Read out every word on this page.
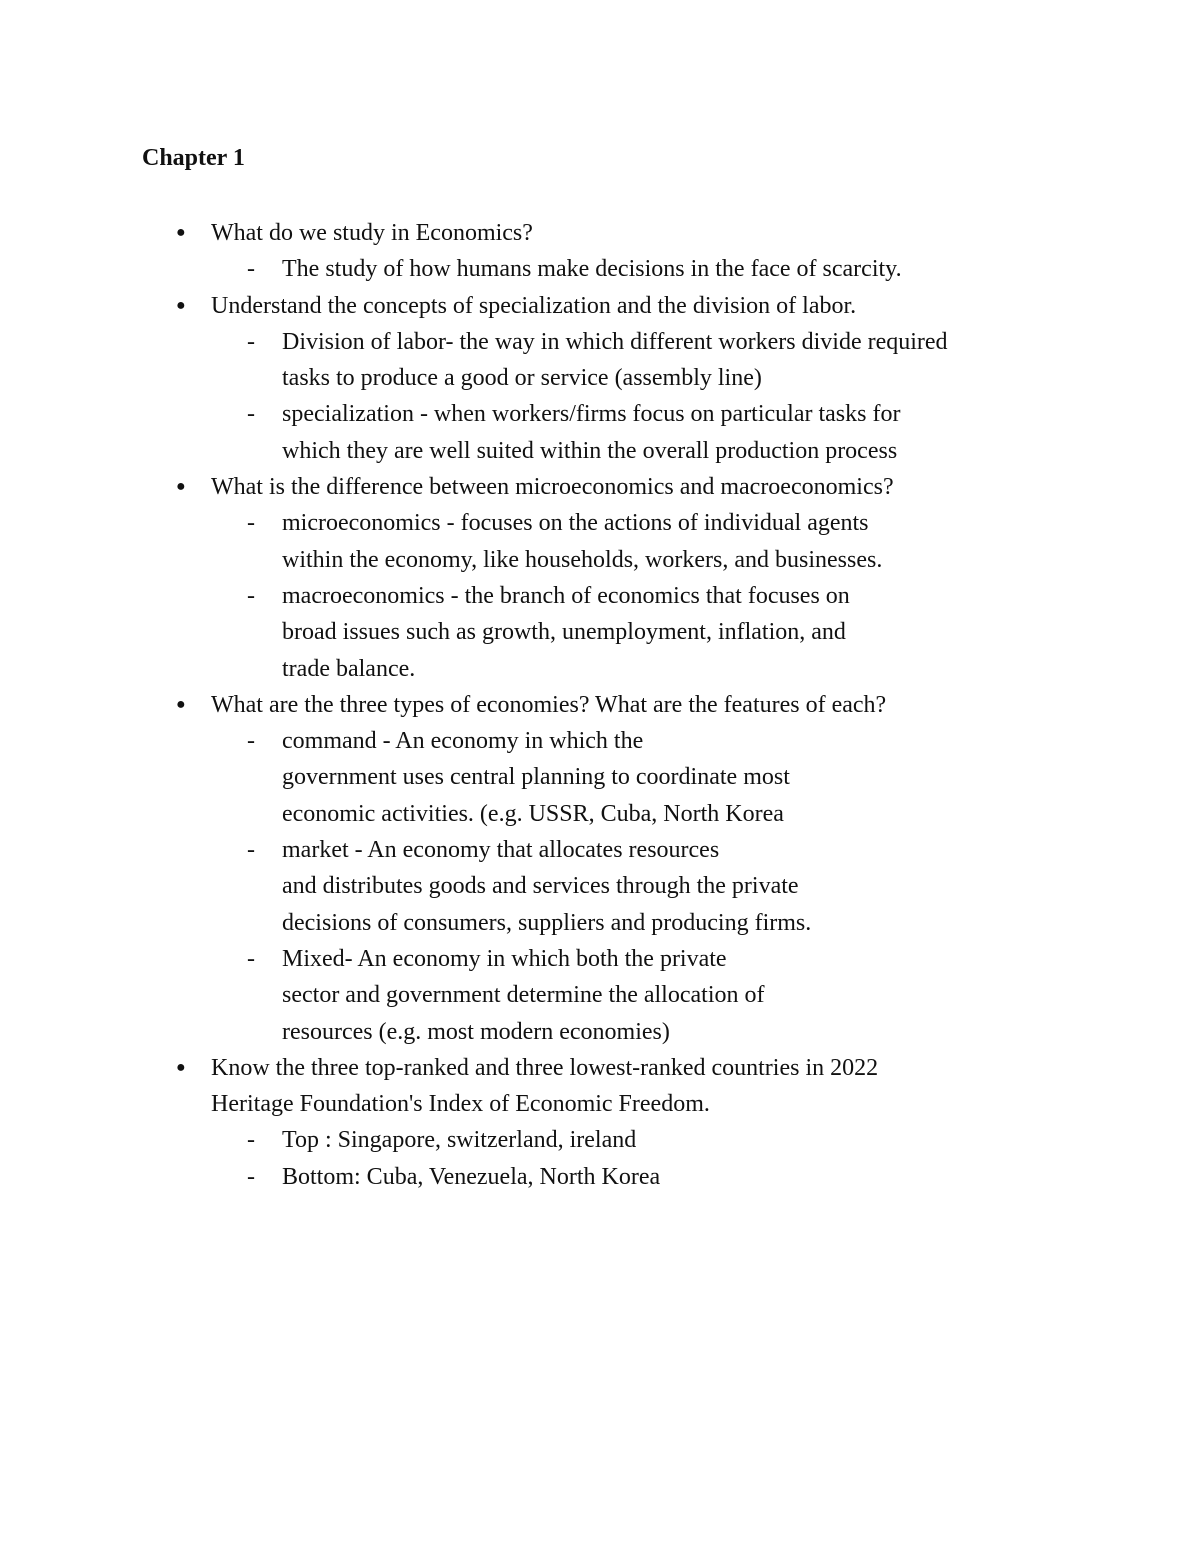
Chapter 1
● What do we study in Economics?
- The study of how humans make decisions in the face of scarcity.
● Understand the concepts of specialization and the division of labor.
- Division of labor- the way in which different workers divide required
tasks to produce a good or service (assembly line)
- specialization - when workers/firms focus on particular tasks for
which they are well suited within the overall production process
● What is the difference between microeconomics and macroeconomics?
- microeconomics - focuses on the actions of individual agents
within the economy, like households, workers, and businesses.
- macroeconomics - the branch of economics that focuses on
broad issues such as growth, unemployment, inflation, and
trade balance.
● What are the three types of economies? What are the features of each?
- command - An economy in which the
government uses central planning to coordinate most
economic activities. (e.g. USSR, Cuba, North Korea
- market - An economy that allocates resources
and distributes goods and services through the private
decisions of consumers, suppliers and producing firms.
- Mixed- An economy in which both the private
sector and government determine the allocation of
resources (e.g. most modern economies)
● Know the three top-ranked and three lowest-ranked countries in 2022
Heritage Foundation's Index of Economic Freedom.
- Top : Singapore, switzerland, ireland
- Bottom: Cuba, Venezuela, North Korea
